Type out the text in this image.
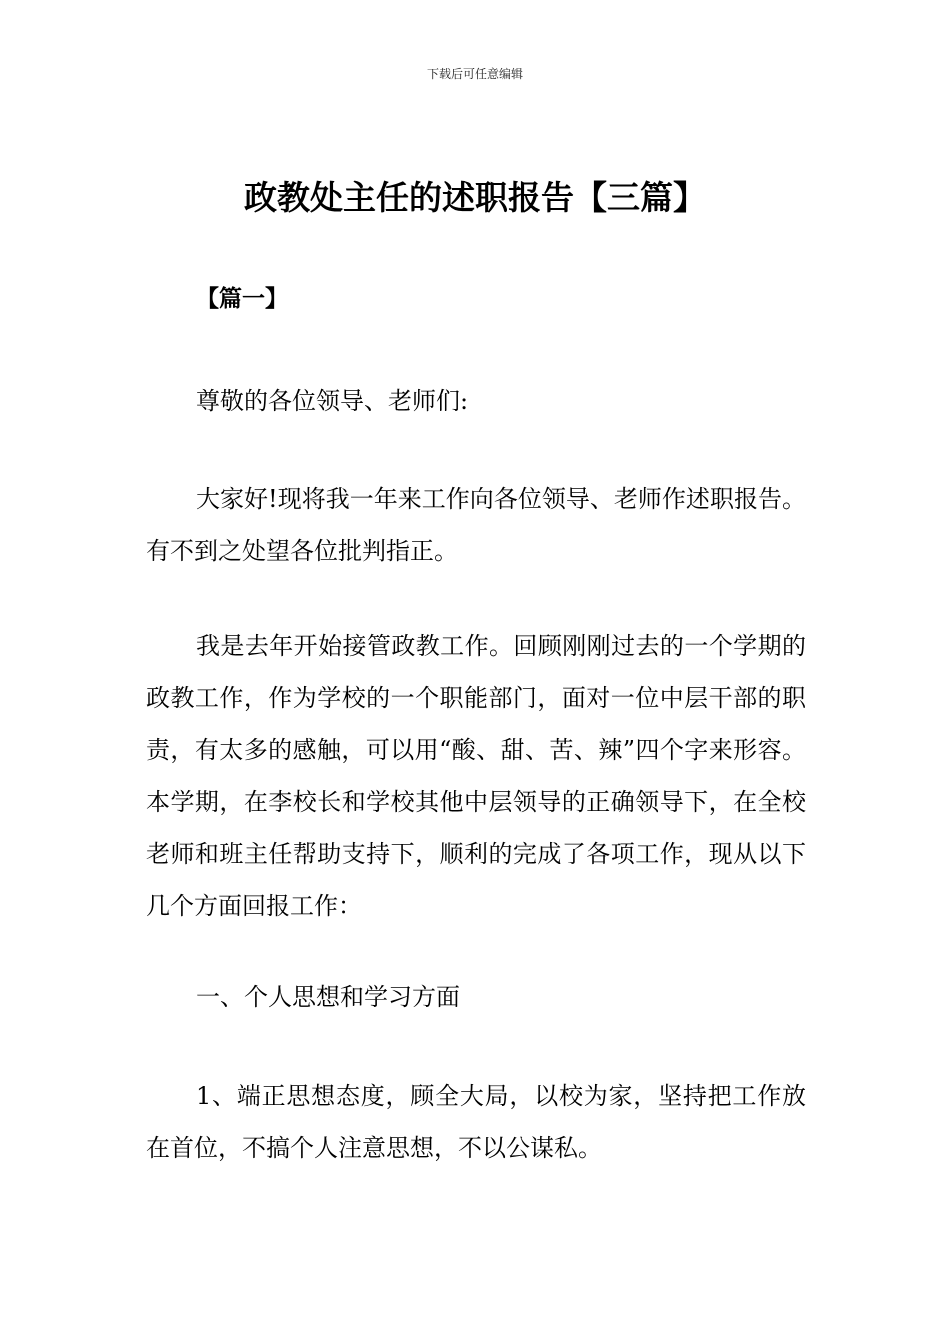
下载后可任意编辑
政教处主任的述职报告【三篇】
【篇一】

尊敬的各位领导、老师们:

大家好!现将我一年来工作向各位领导、老师作述职报告。有不到之处望各位批判指正。

我是去年开始接管政教工作。回顾刚刚过去的一个学期的政教工作，作为学校的一个职能部门，面对一位中层干部的职责，有太多的感触，可以用“酸、甜、苦、辣”四个字来形容。本学期，在李校长和学校其他中层领导的正确领导下，在全校老师和班主任帮助支持下，顺利的完成了各项工作，现从以下几个方面回报工作：

一、个人思想和学习方面

1、端正思想态度，顾全大局，以校为家，坚持把工作放在首位，不搞个人注意思想，不以公谋私。
